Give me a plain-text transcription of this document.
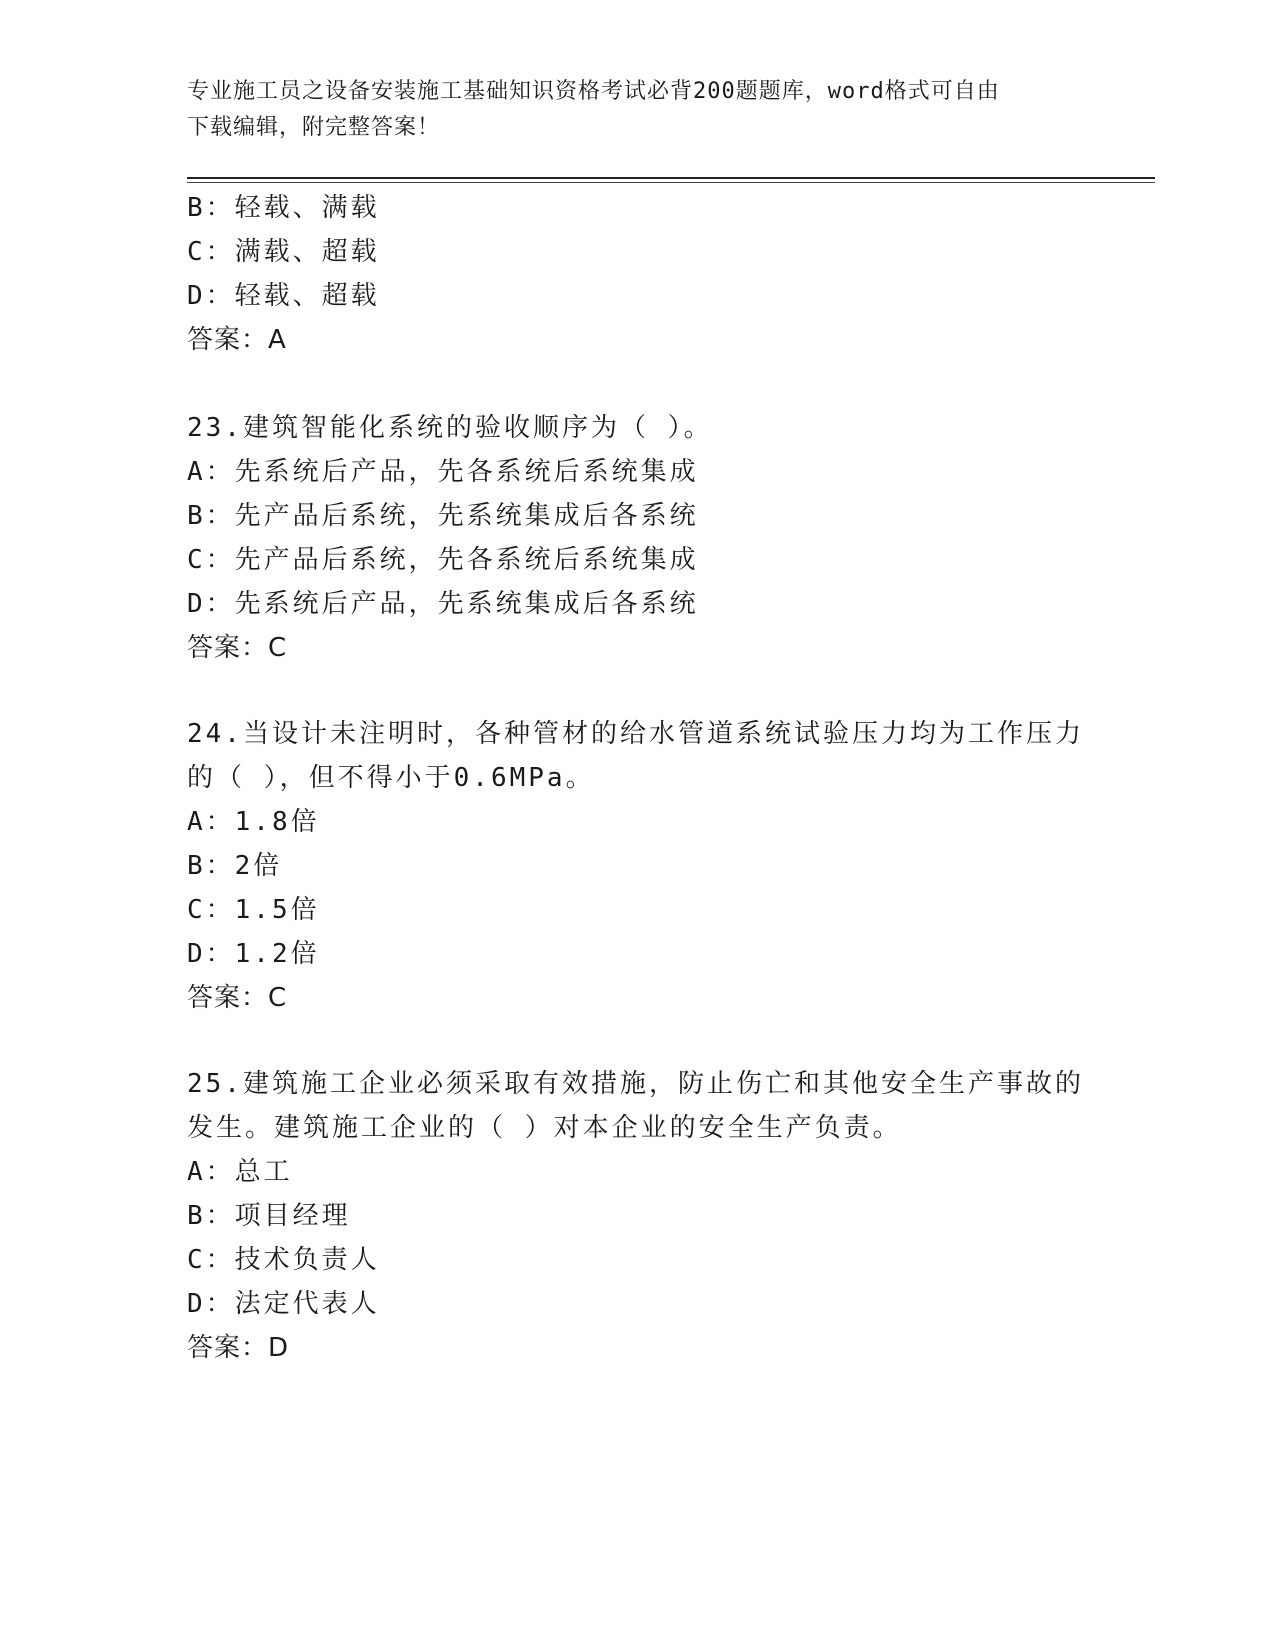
专业施工员之设备安装施工基础知识资格考试必背200题题库，word格式可自由
下载编辑，附完整答案！
B：轻载、满载
C：满载、超载
D：轻载、超载
答案：A
23.建筑智能化系统的验收顺序为（ ）。
A：先系统后产品，先各系统后系统集成
B：先产品后系统，先系统集成后各系统
C：先产品后系统，先各系统后系统集成
D：先系统后产品，先系统集成后各系统
答案：C
24.当设计未注明时，各种管材的给水管道系统试验压力均为工作压力
的（ ），但不得小于0.6MPa。
A：1.8倍
B：2倍
C：1.5倍
D：1.2倍
答案：C
25.建筑施工企业必须采取有效措施，防止伤亡和其他安全生产事故的
发生。建筑施工企业的（ ）对本企业的安全生产负责。
A：总工
B：项目经理
C：技术负责人
D：法定代表人
答案：D
